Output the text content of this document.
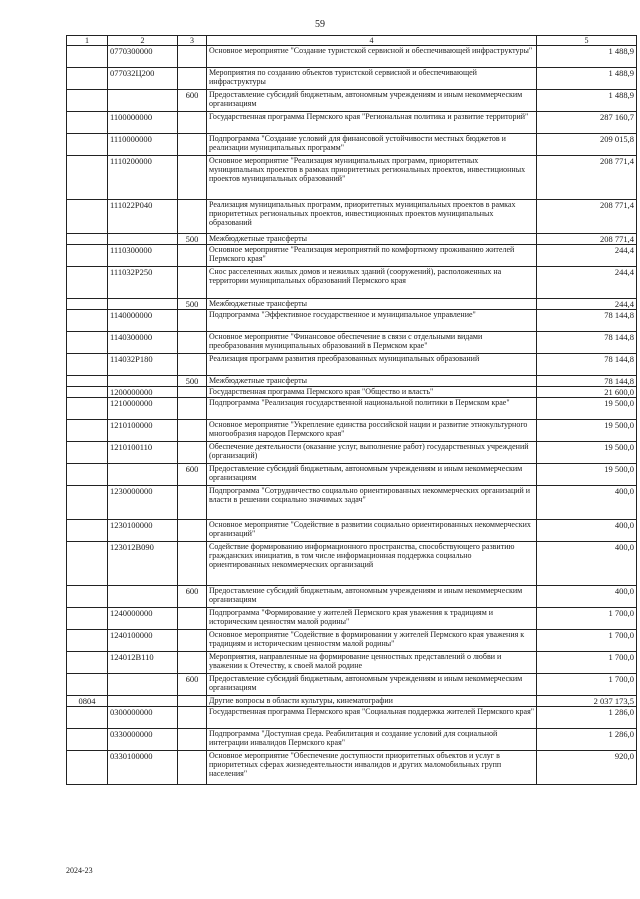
59
1	2	3	4	5
	0770300000		Основное мероприятие "Создание туристской сервисной и обеспечивающей инфраструктуры"	1 488,9
	077032Ц200		Мероприятия по созданию объектов туристской сервисной и обеспечивающей инфраструктуры	1 488,9
		600	Предоставление субсидий бюджетным, автономным учреждениям и иным некоммерческим организациям	1 488,9
	1100000000		Государственная программа Пермского края "Региональная политика и развитие территорий"	287 160,7
	1110000000		Подпрограмма "Создание условий для финансовой устойчивости местных бюджетов и реализации муниципальных программ"	209 015,8
	1110200000		Основное мероприятие "Реализация муниципальных программ, приоритетных муниципальных проектов в рамках приоритетных региональных проектов, инвестиционных проектов муниципальных образований"	208 771,4
	111022Р040		Реализация муниципальных программ, приоритетных муниципальных проектов в рамках приоритетных региональных проектов, инвестиционных проектов муниципальных образований	208 771,4
		500	Межбюджетные трансферты	208 771,4
	1110300000		Основное мероприятие "Реализация мероприятий по комфортному проживанию жителей Пермского края"	244,4
	111032Р250		Снос расселенных жилых домов и нежилых зданий (сооружений), расположенных на территории муниципальных образований Пермского края	244,4
		500	Межбюджетные трансферты	244,4
	1140000000		Подпрограмма "Эффективное государственное и муниципальное управление"	78 144,8
	1140300000		Основное мероприятие "Финансовое обеспечение в связи с отдельными видами преобразования муниципальных образований в Пермском крае"	78 144,8
	114032Р180		Реализация программ развития преобразованных муниципальных образований	78 144,8
		500	Межбюджетные трансферты	78 144,8
	1200000000		Государственная программа Пермского края "Общество и власть"	21 600,0
	1210000000		Подпрограмма "Реализация государственной национальной политики в Пермском крае"	19 500,0
	1210100000		Основное мероприятие "Укрепление единства российской нации и развитие этнокультурного многообразия народов Пермского края"	19 500,0
	1210100110		Обеспечение деятельности (оказание услуг, выполнение работ) государственных учреждений (организаций)	19 500,0
		600	Предоставление субсидий бюджетным, автономным учреждениям и иным некоммерческим организациям	19 500,0
	1230000000		Подпрограмма "Сотрудничество социально ориентированных некоммерческих организаций и власти в решении социально значимых задач"	400,0
	1230100000		Основное мероприятие "Содействие в развитии социально ориентированных некоммерческих организаций"	400,0
	123012В090		Содействие формированию информационного пространства, способствующего развитию гражданских инициатив, в том числе информационная поддержка социально ориентированных некоммерческих организаций	400,0
		600	Предоставление субсидий бюджетным, автономным учреждениям и иным некоммерческим организациям	400,0
	1240000000		Подпрограмма "Формирование у жителей Пермского края уважения к традициям и историческим ценностям малой родины"	1 700,0
	1240100000		Основное мероприятие "Содействие в формировании у жителей Пермского края уважения к традициям и историческим ценностям малой родины"	1 700,0
	124012В110		Мероприятия, направленные на формирование ценностных представлений о любви и уважении к Отечеству, к своей малой родине	1 700,0
		600	Предоставление субсидий бюджетным, автономным учреждениям и иным некоммерческим организациям	1 700,0
0804			Другие вопросы в области культуры, кинематографии	2 037 173,5
	0300000000		Государственная программа Пермского края "Социальная поддержка жителей Пермского края"	1 286,0
	0330000000		Подпрограмма "Доступная среда. Реабилитация и создание условий для социальной интеграции инвалидов Пермского края"	1 286,0
	0330100000		Основное мероприятие "Обеспечение доступности приоритетных объектов и услуг в приоритетных сферах жизнедеятельности инвалидов и других маломобильных групп населения"	920,0
2024-23
